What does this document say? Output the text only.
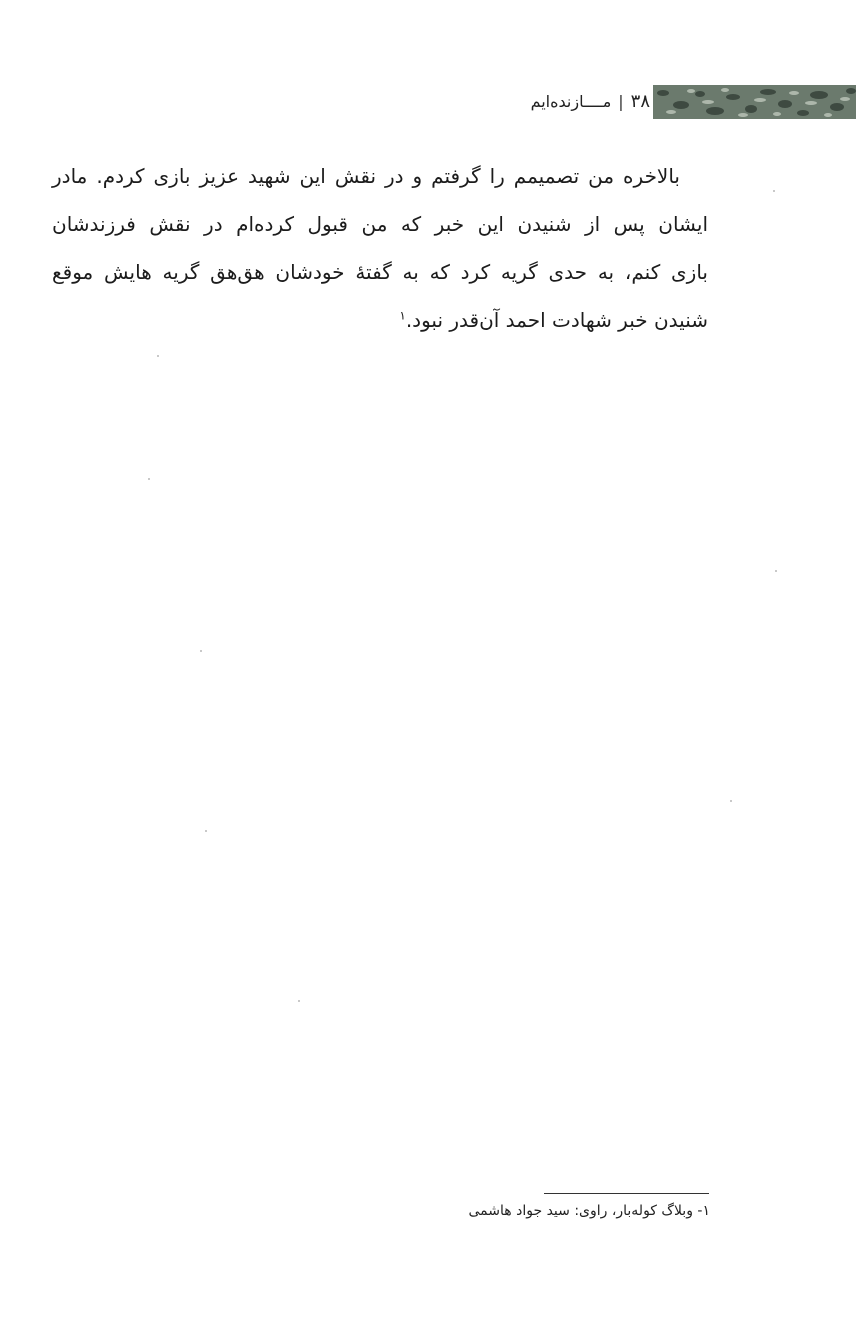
۳۸
|
مــــازنده‌ایم
بالاخره من تصمیمم را گرفتم و در نقش این شهید عزیز بازی کردم. مادر
ایشان پس از شنیدن این خبر که من قبول کرده‌ام در نقش فرزندشان
بازی کنم، به حدی گریه کرد که به گفتهٔ خودشان هق‌هق گریه هایش موقع
شنیدن خبر شهادت احمد آن‌قدر نبود.$^۱$
۱- وبلاگ کوله‌بار، راوی: سید جواد هاشمی
